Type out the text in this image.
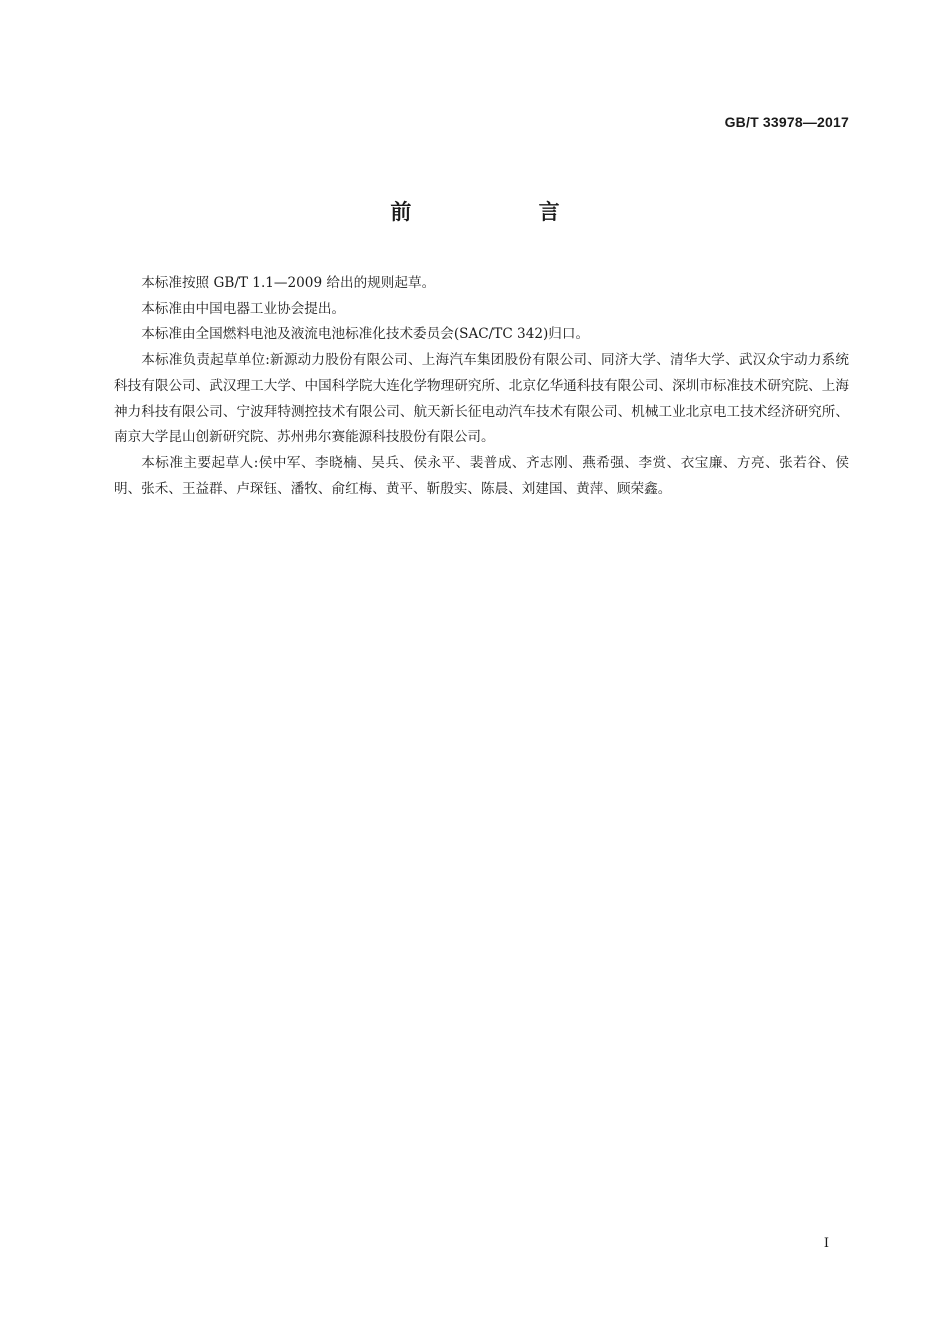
GB/T 33978—2017
前 言

本标准按照 GB/T 1.1—2009 给出的规则起草。

本标准由中国电器工业协会提出。

本标准由全国燃料电池及液流电池标准化技术委员会(SAC/TC 342)归口。

本标准负责起草单位:新源动力股份有限公司、上海汽车集团股份有限公司、同济大学、清华大学、武汉众宇动力系统科技有限公司、武汉理工大学、中国科学院大连化学物理研究所、北京亿华通科技有限公司、深圳市标准技术研究院、上海神力科技有限公司、宁波拜特测控技术有限公司、航天新长征电动汽车技术有限公司、机械工业北京电工技术经济研究所、南京大学昆山创新研究院、苏州弗尔赛能源科技股份有限公司。

本标准主要起草人:侯中军、李晓楠、吴兵、侯永平、裴普成、齐志刚、燕希强、李赏、衣宝廉、方亮、张若谷、侯明、张禾、王益群、卢琛钰、潘牧、俞红梅、黄平、靳殷实、陈晨、刘建国、黄萍、顾荣鑫。

I
